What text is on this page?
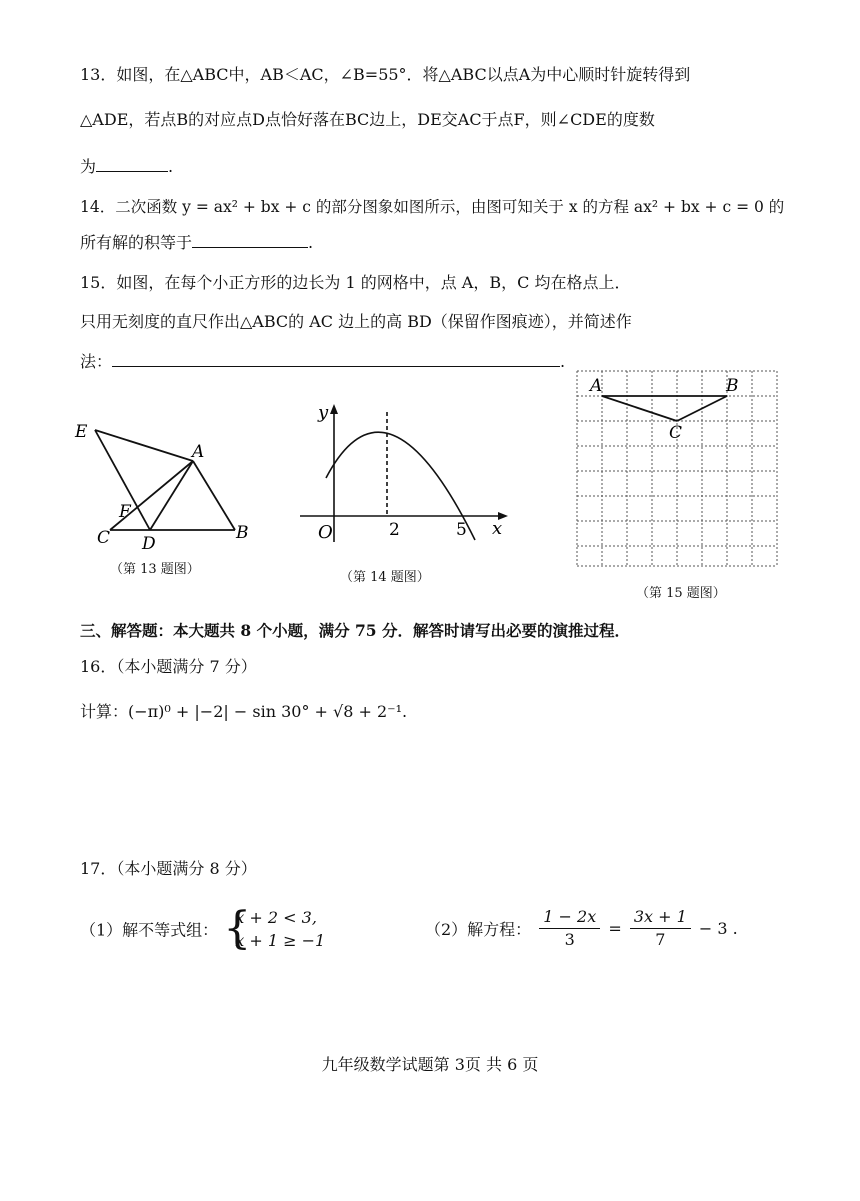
13．如图，在△ABC中，AB＜AC，∠B=55°．将△ABC以点A为中心顺时针旋转得到
△ADE，若点B的对应点D点恰好落在BC边上，DE交AC于点F，则∠CDE的度数
为	.
14．二次函数 y = ax² + bx + c 的部分图象如图所示，由图可知关于 x 的方程 ax² + bx + c = 0 的
所有解的积等于	.
15．如图，在每个小正方形的边长为 1 的网格中，点 A，B，C 均在格点上．
只用无刻度的直尺作出△ABC的 AC 边上的高 BD（保留作图痕迹），并简述作
法：	.
E
A
F
C D
B
（第 13 题图）
y
x
O	2	5
（第 14 题图）
A	B
C
（第 15 题图）
三、解答题：本大题共 8 个小题，满分 75 分．解答时请写出必要的演推过程．
16．（本小题满分 7 分）
计算：(−π)⁰ + |−2| − sin 30° + √8 + 2⁻¹.
17．（本小题满分 8 分）
（1）解不等式组： {
x + 2 < 3,
x + 1 ≥ −1
（2）解方程： $\frac{1 - 2x}{3} = \frac{3x + 1}{7} - 3$ .
九年级数学试题第 3页 共 6 页
